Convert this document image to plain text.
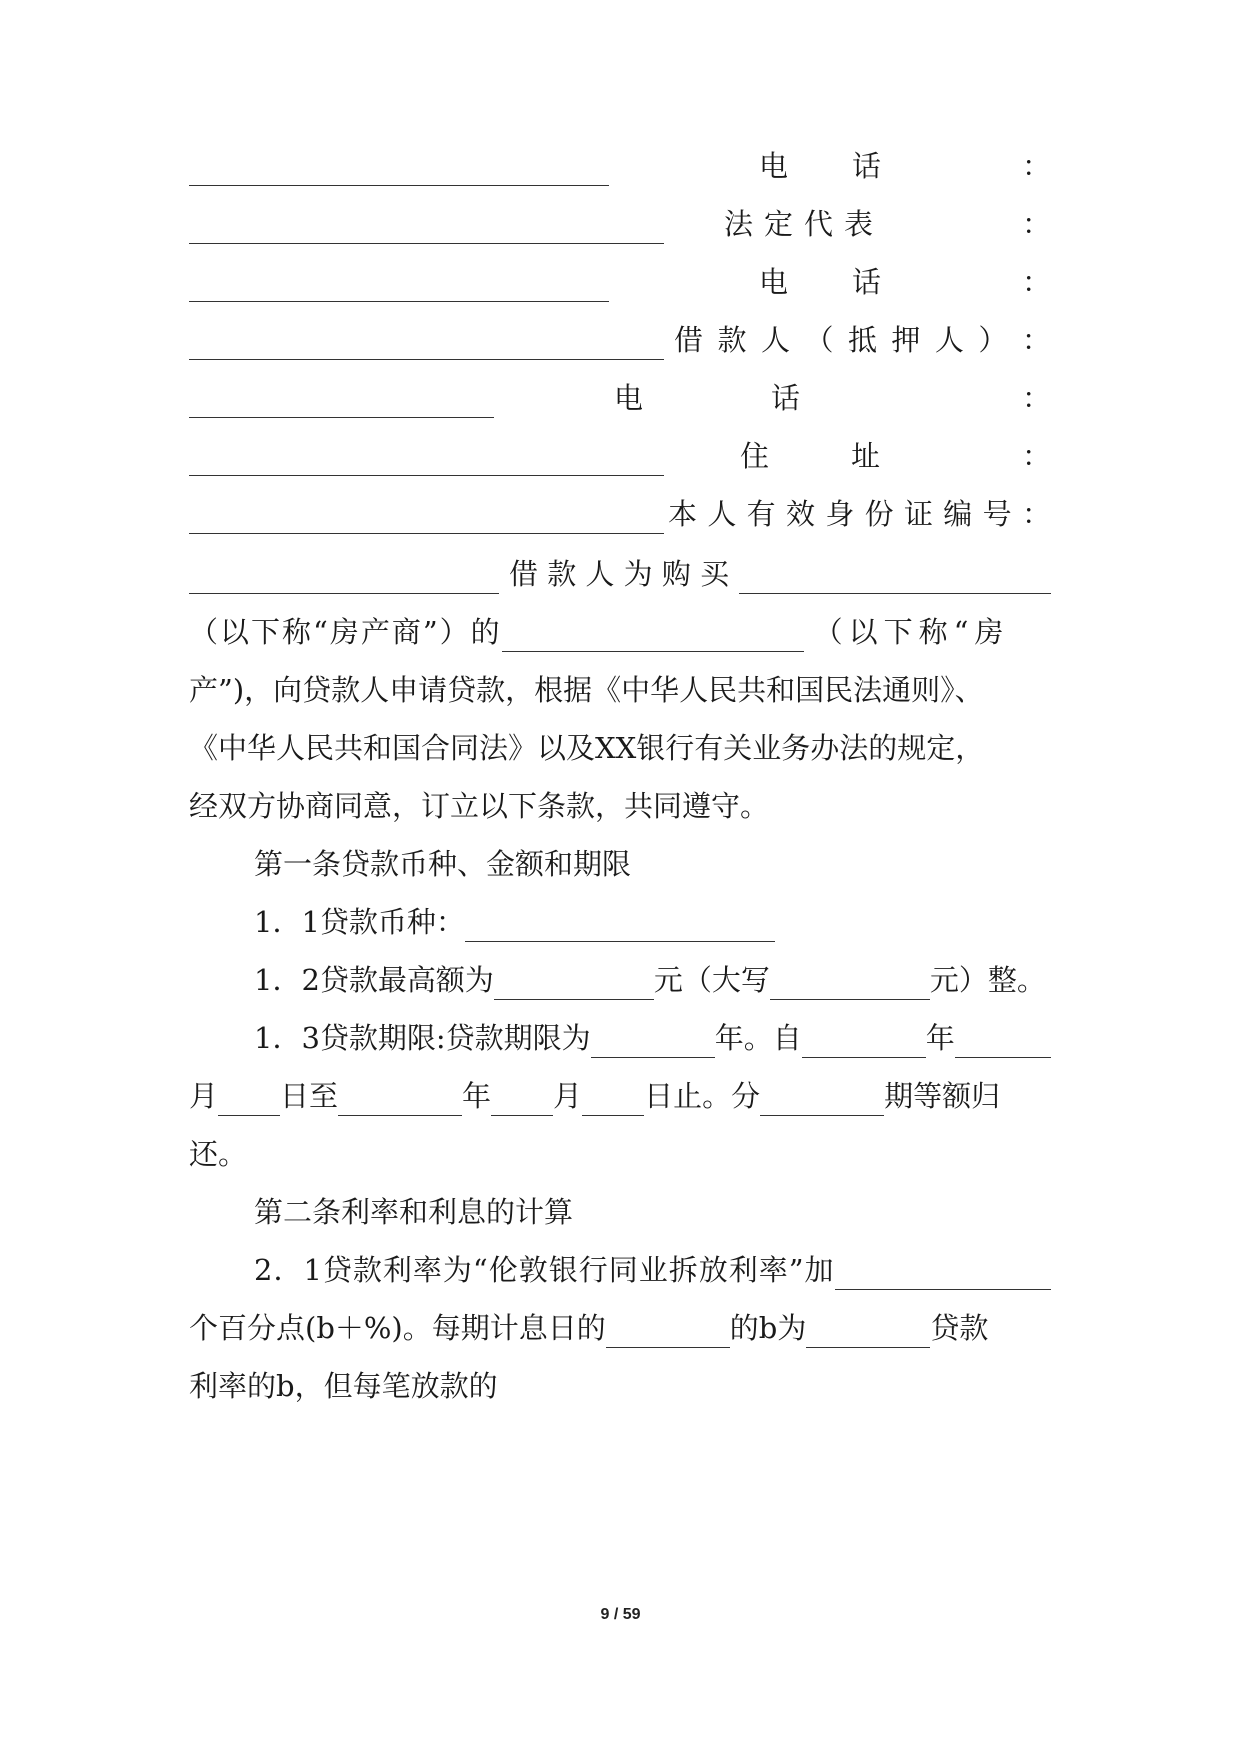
电 话	：
法 定 代 表	：
电 话	：
借 款 人 （ 抵 押 人 ） ：
电	话	：
住	址	：
本 人 有 效 身 份 证 编 号 ：
借 款 人 为 购 买
（以下称“房产商”）的	（以下称“房
产”)，向贷款人申请贷款，根据《中华人民共和国民法通则》、
《中华人民共和国合同法》以及XX银行有关业务办法的规定，
经双方协商同意，订立以下条款，共同遵守。
第一条贷款币种、金额和期限
1．1贷款币种：
1．2贷款最高额为	元（大写	元）整。
1．3贷款期限:贷款期限为	年。自	年
月 日至	年 月 日止。分	期等额归
还。
第二条利率和利息的计算
2．1贷款利率为“伦敦银行同业拆放利率”加
个百分点(b＋%)。每期计息日的	的b为	贷款
利率的b，但每笔放款的
9 / 59
